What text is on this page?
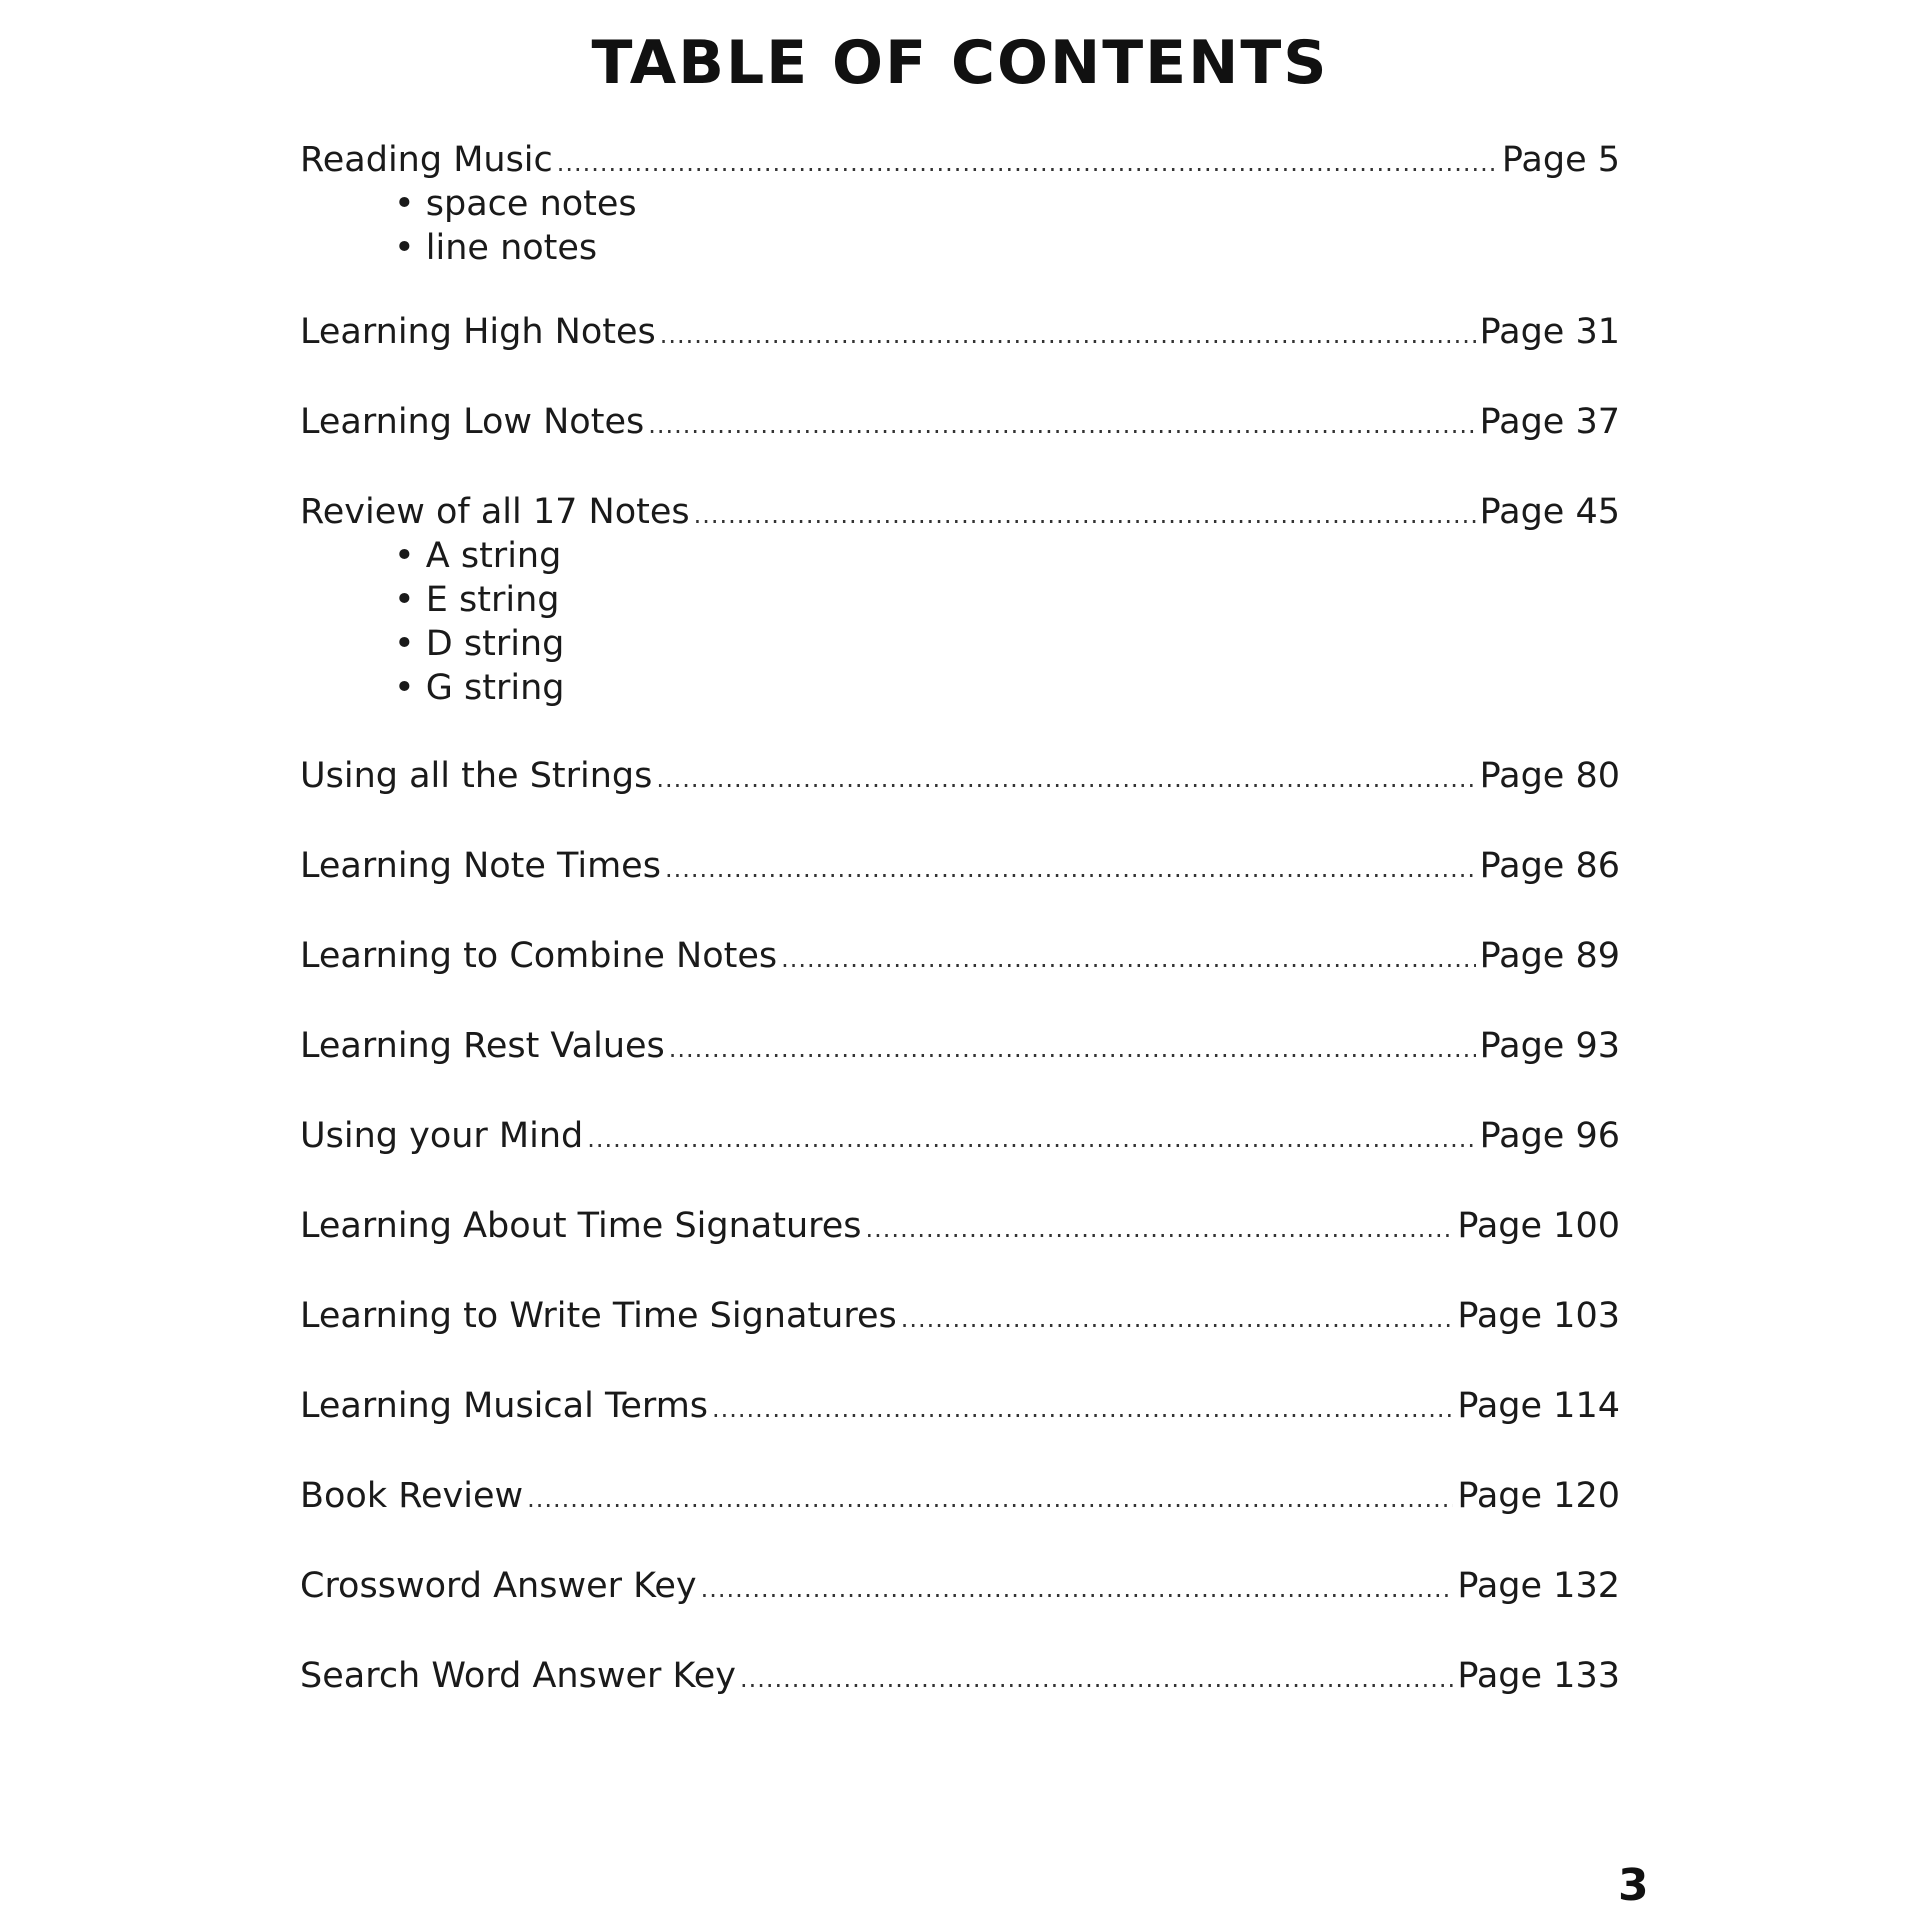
TABLE OF CONTENTS
Reading Music .....	Page 5
• space notes
• line notes
Learning High Notes .....	Page 31
Learning Low Notes .....	Page 37
Review of all 17 Notes .....	Page 45
• A string
• E string
• D string
• G string
Using all the Strings .....	Page 80
Learning Note Times .....	Page 86
Learning to Combine Notes .....	Page 89
Learning Rest Values .....	Page 93
Using your Mind .....	Page 96
Learning About Time Signatures .....	Page 100
Learning to Write Time Signatures .....	Page 103
Learning Musical Terms .....	Page 114
Book Review .....	Page 120
Crossword Answer Key .....	Page 132
Search Word Answer Key .....	Page 133
3
